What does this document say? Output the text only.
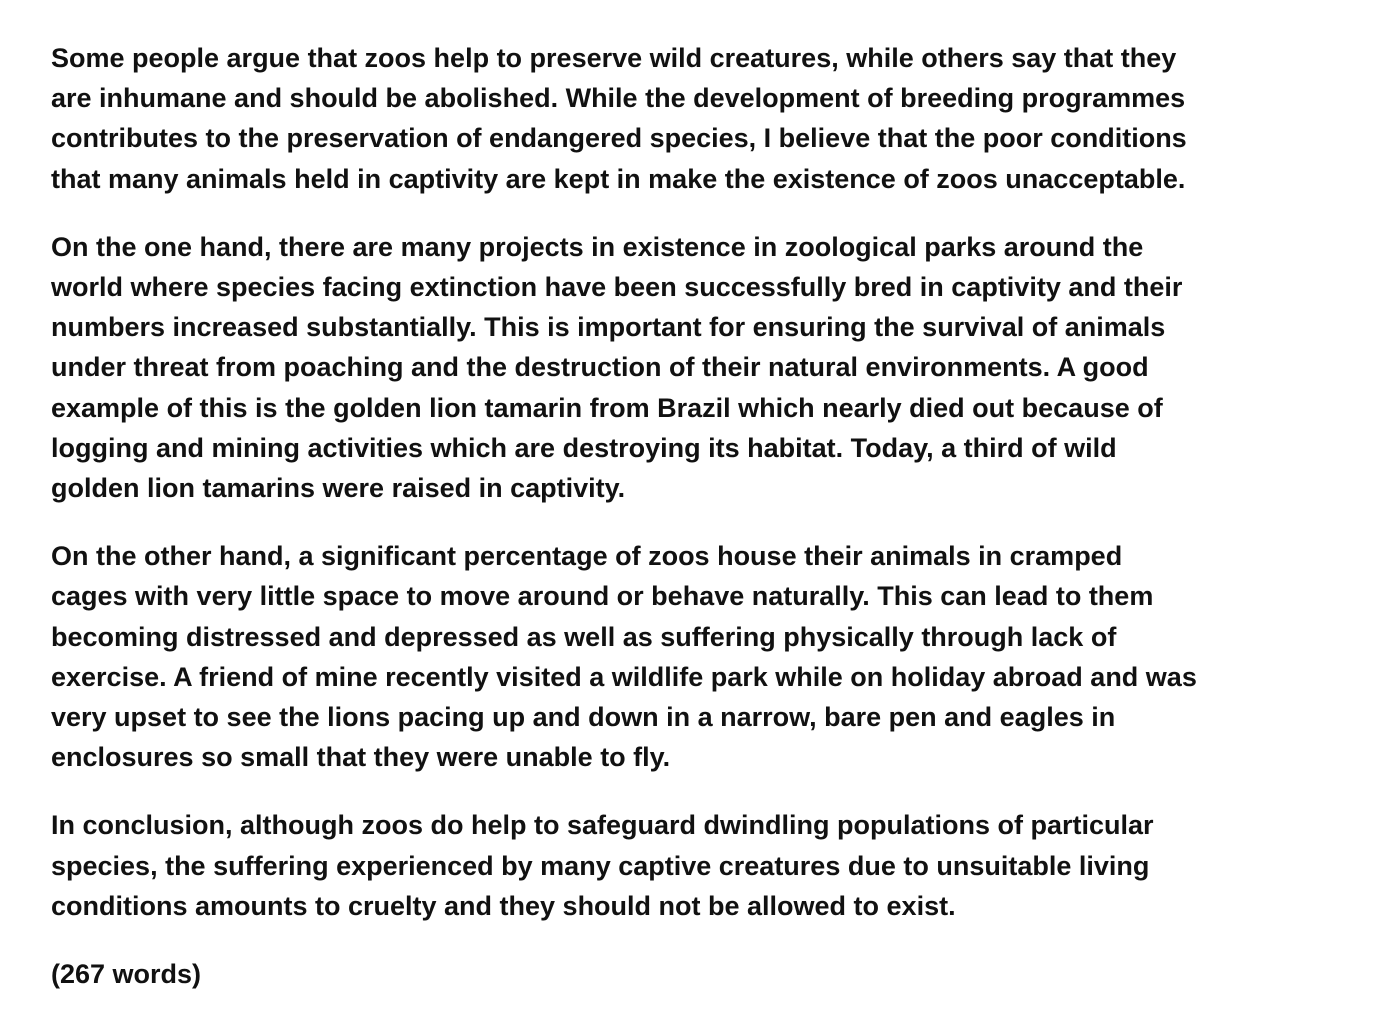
Some people argue that zoos help to preserve wild creatures, while others say that they
are inhumane and should be abolished. While the development of breeding programmes
contributes to the preservation of endangered species, I believe that the poor conditions
that many animals held in captivity are kept in make the existence of zoos unacceptable.

On the one hand, there are many projects in existence in zoological parks around the
world where species facing extinction have been successfully bred in captivity and their
numbers increased substantially. This is important for ensuring the survival of animals
under threat from poaching and the destruction of their natural environments. A good
example of this is the golden lion tamarin from Brazil which nearly died out because of
logging and mining activities which are destroying its habitat. Today, a third of wild
golden lion tamarins were raised in captivity.

On the other hand, a significant percentage of zoos house their animals in cramped
cages with very little space to move around or behave naturally. This can lead to them
becoming distressed and depressed as well as suffering physically through lack of
exercise. A friend of mine recently visited a wildlife park while on holiday abroad and was
very upset to see the lions pacing up and down in a narrow, bare pen and eagles in
enclosures so small that they were unable to fly.

In conclusion, although zoos do help to safeguard dwindling populations of particular
species, the suffering experienced by many captive creatures due to unsuitable living
conditions amounts to cruelty and they should not be allowed to exist.

(267 words)
